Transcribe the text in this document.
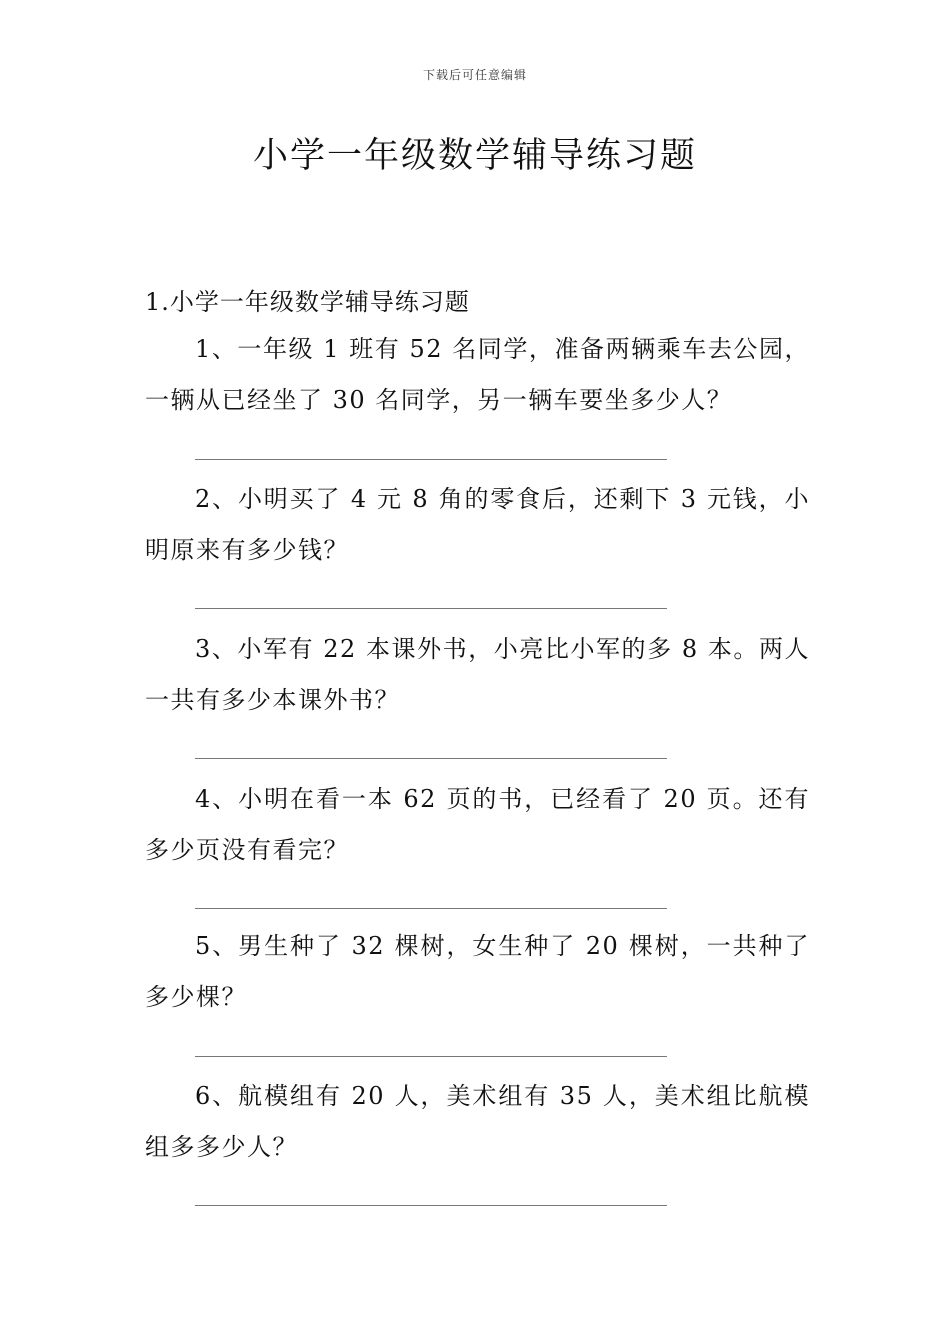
下载后可任意编辑
小学一年级数学辅导练习题
1.小学一年级数学辅导练习题
1、一年级 1 班有 52 名同学，准备两辆乘车去公园，一辆从已经坐了 30 名同学，另一辆车要坐多少人？
2、小明买了 4 元 8 角的零食后，还剩下 3 元钱，小明原来有多少钱？
3、小军有 22 本课外书，小亮比小军的多 8 本。两人一共有多少本课外书？
4、小明在看一本 62 页的书，已经看了 20 页。还有多少页没有看完？
5、男生种了 32 棵树，女生种了 20 棵树，一共种了多少棵？
6、航模组有 20 人，美术组有 35 人，美术组比航模组多多少人？
